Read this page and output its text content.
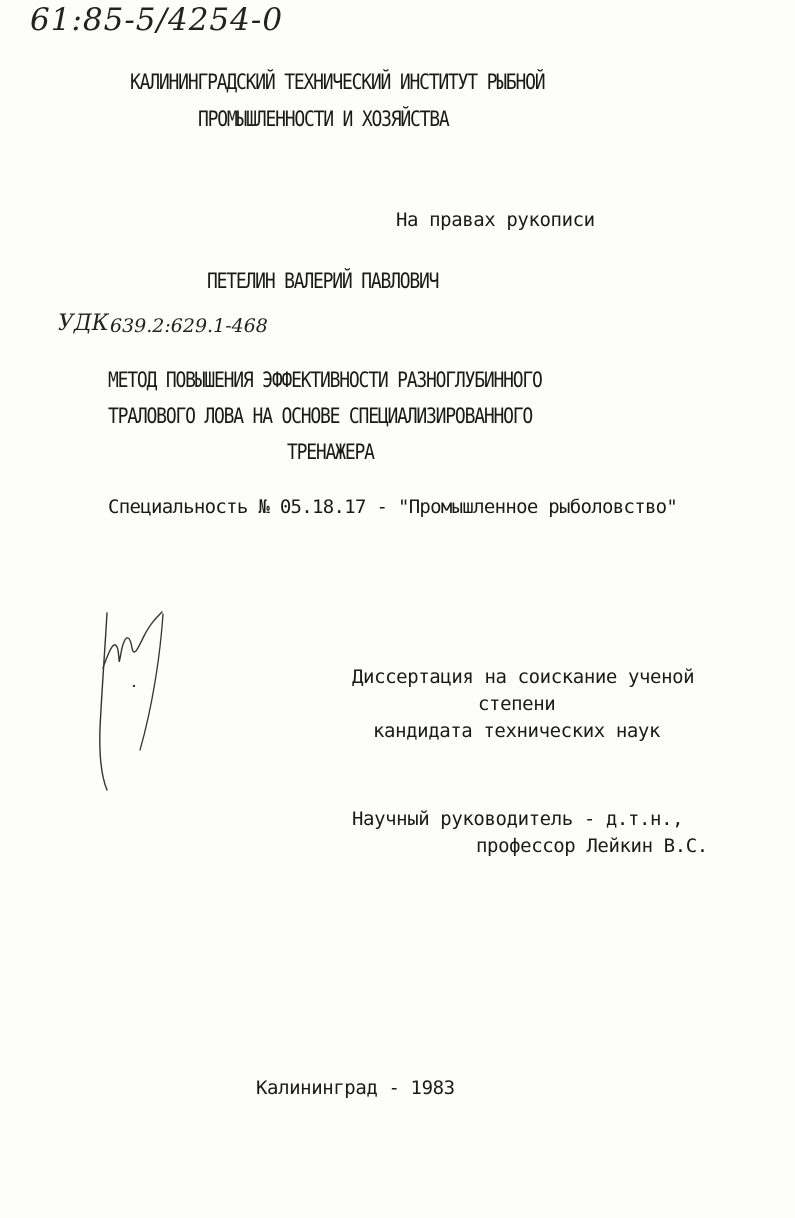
61:85-5/4254-0
КАЛИНИНГРАДСКИЙ ТЕХНИЧЕСКИЙ ИНСТИТУТ РЫБНОЙ
ПРОМЫШЛЕННОСТИ И ХОЗЯЙСТВА
На правах рукописи
ПЕТЕЛИН ВАЛЕРИЙ ПАВЛОВИЧ
УДК 639.2:629.1-468
МЕТОД ПОВЫШЕНИЯ ЭФФЕКТИВНОСТИ РАЗНОГЛУБИННОГО
ТРАЛОВОГО ЛОВА НА ОСНОВЕ СПЕЦИАЛИЗИРОВАННОГО
ТРЕНАЖЕРА
Специальность № 05.18.17 - "Промышленное рыболовство"
Диссертация на соискание ученой
степени
кандидата технических наук
Научный руководитель - д.т.н.,
профессор Лейкин В.С.
Калининград - 1983
